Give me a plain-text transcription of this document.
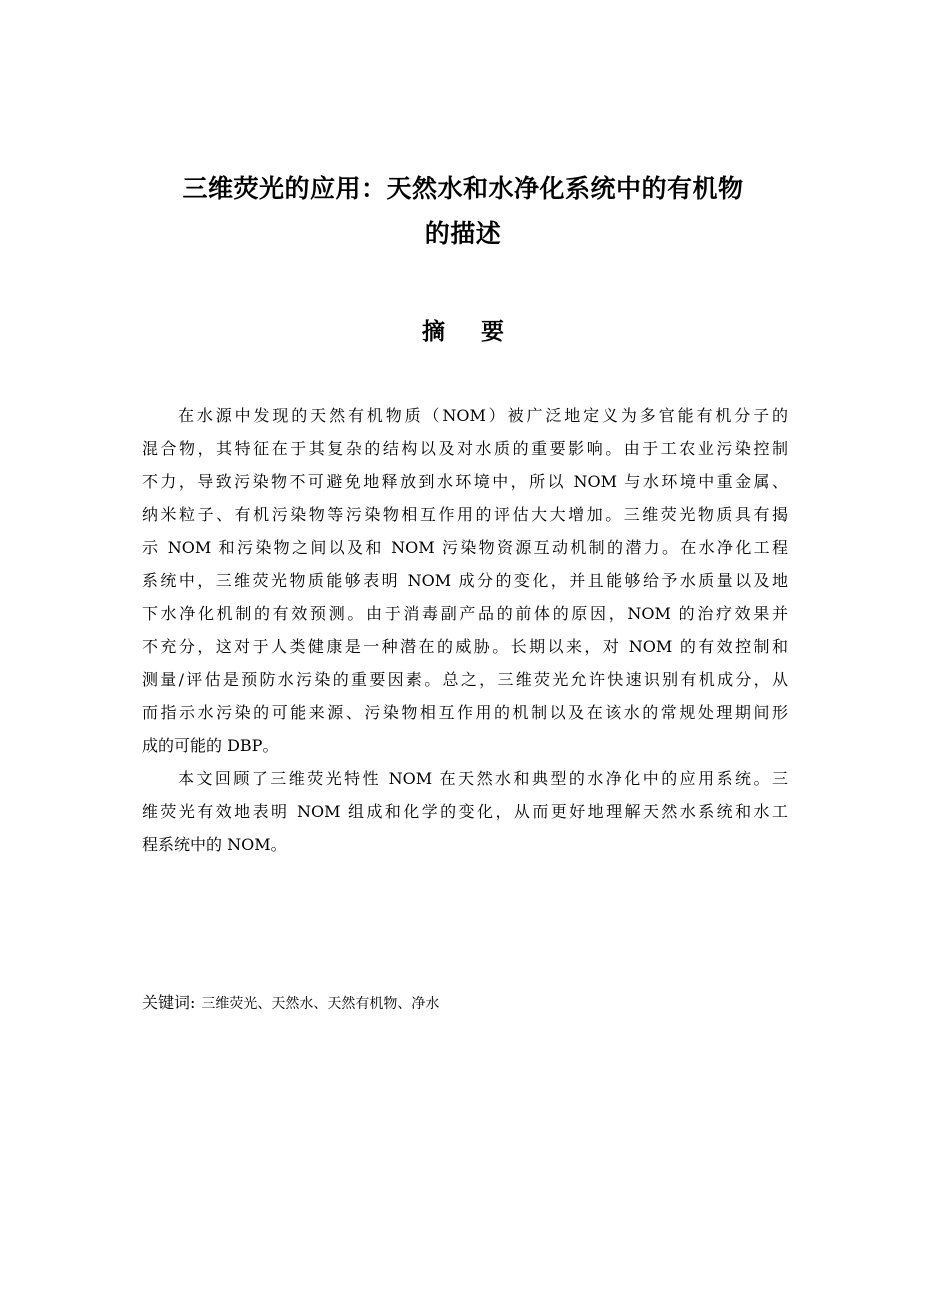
三维荧光的应用：天然水和水净化系统中的有机物
的描述
摘 要

在水源中发现的天然有机物质（NOM）被广泛地定义为多官能有机分子的
混合物，其特征在于其复杂的结构以及对水质的重要影响。由于工农业污染控制
不力，导致污染物不可避免地释放到水环境中，所以 NOM 与水环境中重金属、
纳米粒子、有机污染物等污染物相互作用的评估大大增加。三维荧光物质具有揭
示 NOM 和污染物之间以及和 NOM 污染物资源互动机制的潜力。在水净化工程
系统中，三维荧光物质能够表明 NOM 成分的变化，并且能够给予水质量以及地
下水净化机制的有效预测。由于消毒副产品的前体的原因，NOM 的治疗效果并
不充分，这对于人类健康是一种潜在的威胁。长期以来，对 NOM 的有效控制和
测量/评估是预防水污染的重要因素。总之，三维荧光允许快速识别有机成分，从
而指示水污染的可能来源、污染物相互作用的机制以及在该水的常规处理期间形
成的可能的 DBP。

本文回顾了三维荧光特性 NOM 在天然水和典型的水净化中的应用系统。三
维荧光有效地表明 NOM 组成和化学的变化，从而更好地理解天然水系统和水工
程系统中的 NOM。

关键词: 三维荧光、天然水、天然有机物、净水
